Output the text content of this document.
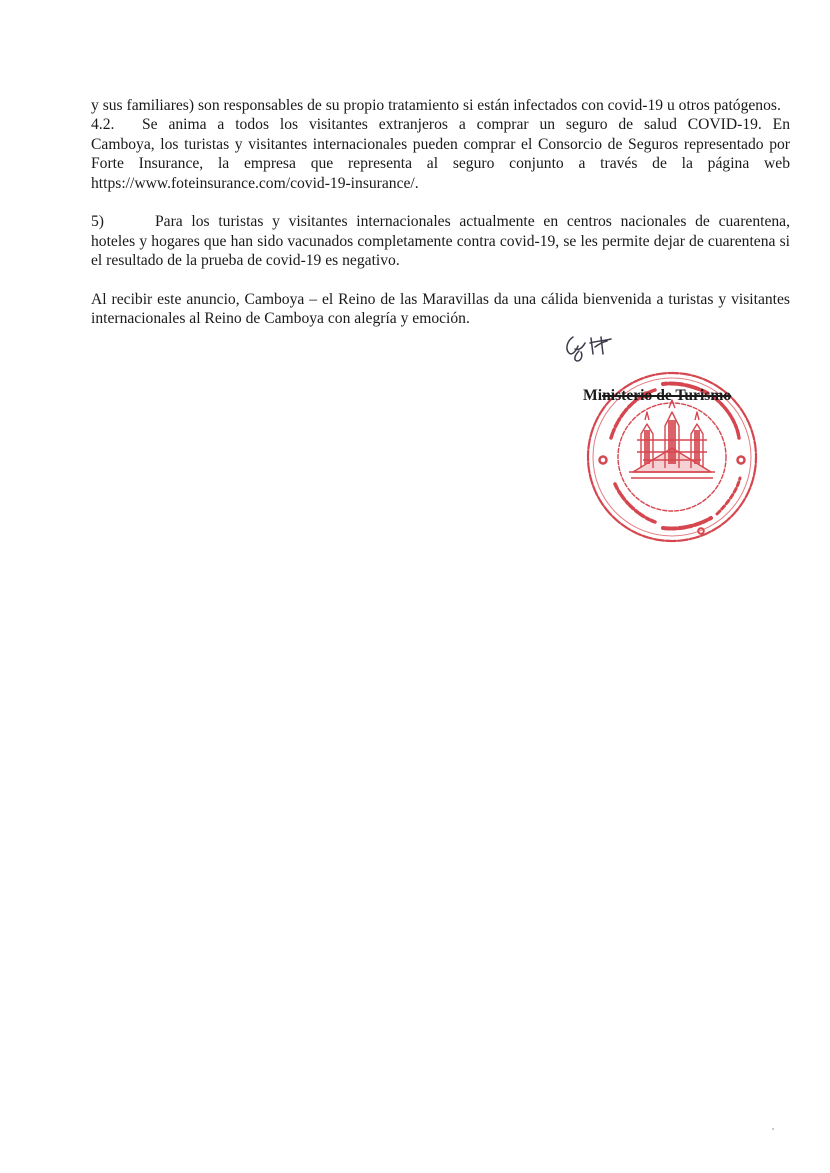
y sus familiares) son responsables de su propio tratamiento si están infectados con covid-19 u otros patógenos.

4.2.	Se anima a todos los visitantes extranjeros a comprar un seguro de salud COVID-19. En

Camboya, los turistas y visitantes internacionales pueden comprar el Consorcio de Seguros representado por Forte Insurance, la empresa que representa al seguro conjunto a través de la página web https://www.foteinsurance.com/covid-19-insurance/.

5)	Para los turistas y visitantes internacionales actualmente en centros nacionales de cuarentena,

hoteles y hogares que han sido vacunados completamente contra covid-19, se les permite dejar de cuarentena si el resultado de la prueba de covid-19 es negativo.

Al recibir este anuncio, Camboya – el Reino de las Maravillas da una cálida bienvenida a turistas y visitantes internacionales al Reino de Camboya con alegría y emoción.

Ministerio de Turismo
